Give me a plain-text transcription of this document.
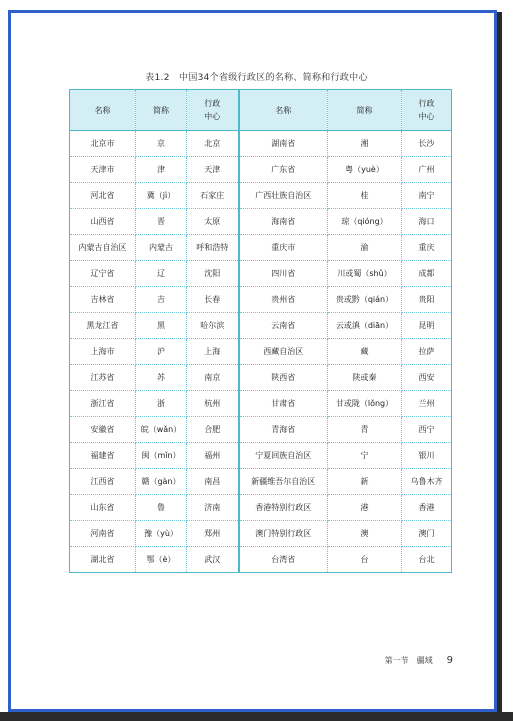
表1.2　中国34个省级行政区的名称、简称和行政中心
名称	简称	行政
中心	名称	简称	行政
中心
北京市	京	北京	湖南省	湘	长沙
天津市	津	天津	广东省	粤（yuè）	广州
河北省	冀（jì）	石家庄	广西壮族自治区	桂	南宁
山西省	晋	太原	海南省	琼（qióng）	海口
内蒙古自治区	内蒙古	呼和浩特	重庆市	渝	重庆
辽宁省	辽	沈阳	四川省	川或蜀（shǔ）	成都
吉林省	吉	长春	贵州省	贵或黔（qián）	贵阳
黑龙江省	黑	哈尔滨	云南省	云或滇（diān）	昆明
上海市	沪	上海	西藏自治区	藏	拉萨
江苏省	苏	南京	陕西省	陕或秦	西安
浙江省	浙	杭州	甘肃省	甘或陇（lǒng）	兰州
安徽省	皖（wǎn）	合肥	青海省	青	西宁
福建省	闽（mǐn）	福州	宁夏回族自治区	宁	银川
江西省	赣（gàn）	南昌	新疆维吾尔自治区	新	乌鲁木齐
山东省	鲁	济南	香港特别行政区	港	香港
河南省	豫（yù）	郑州	澳门特别行政区	澳	澳门
湖北省	鄂（è）	武汉	台湾省	台	台北
第一节　疆域 9
